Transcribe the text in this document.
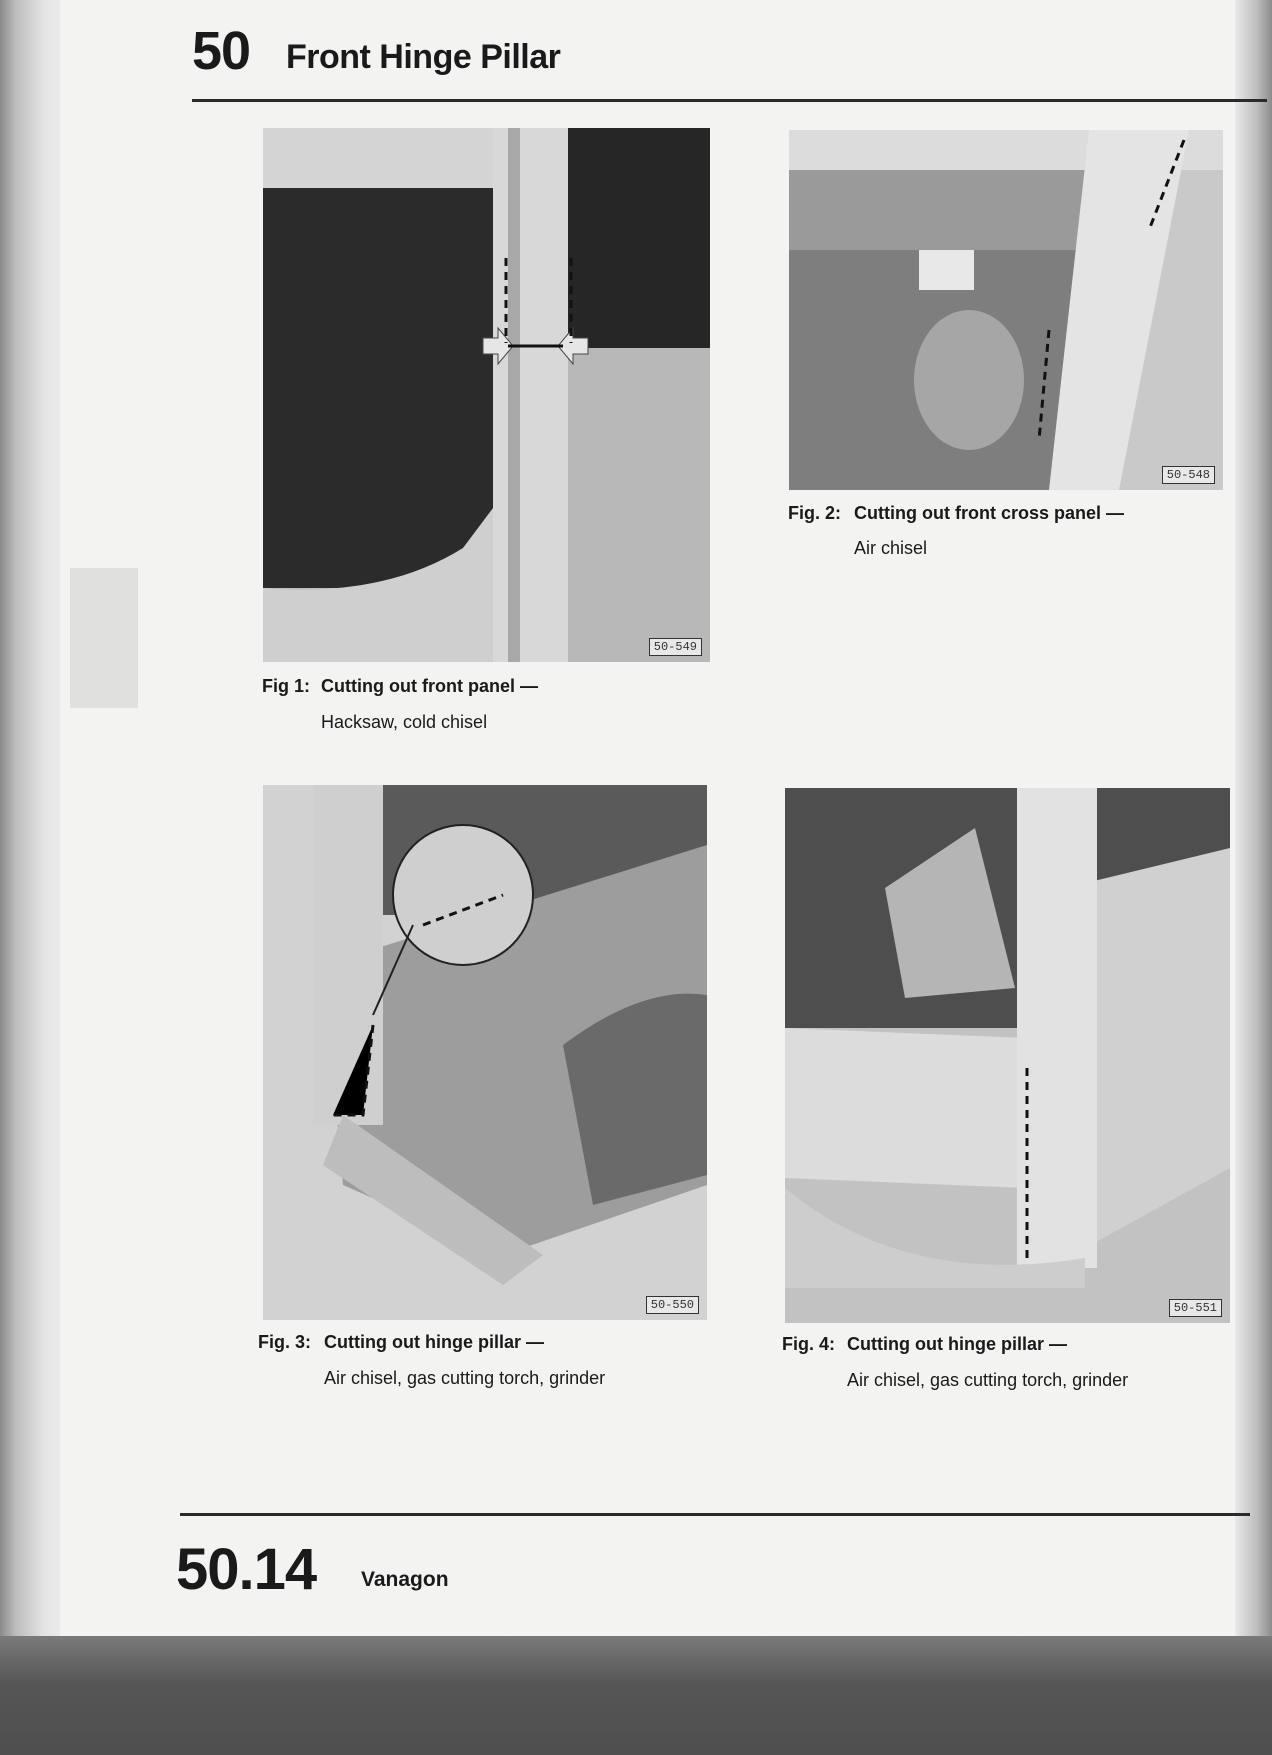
50 Front Hinge Pillar
50-549
Fig 1: Cutting out front panel —
Hacksaw, cold chisel
50-548
Fig. 2: Cutting out front cross panel —
Air chisel
50-550
Fig. 3: Cutting out hinge pillar —
Air chisel, gas cutting torch, grinder
50-551
Fig. 4: Cutting out hinge pillar —
Air chisel, gas cutting torch, grinder
50.14 Vanagon
